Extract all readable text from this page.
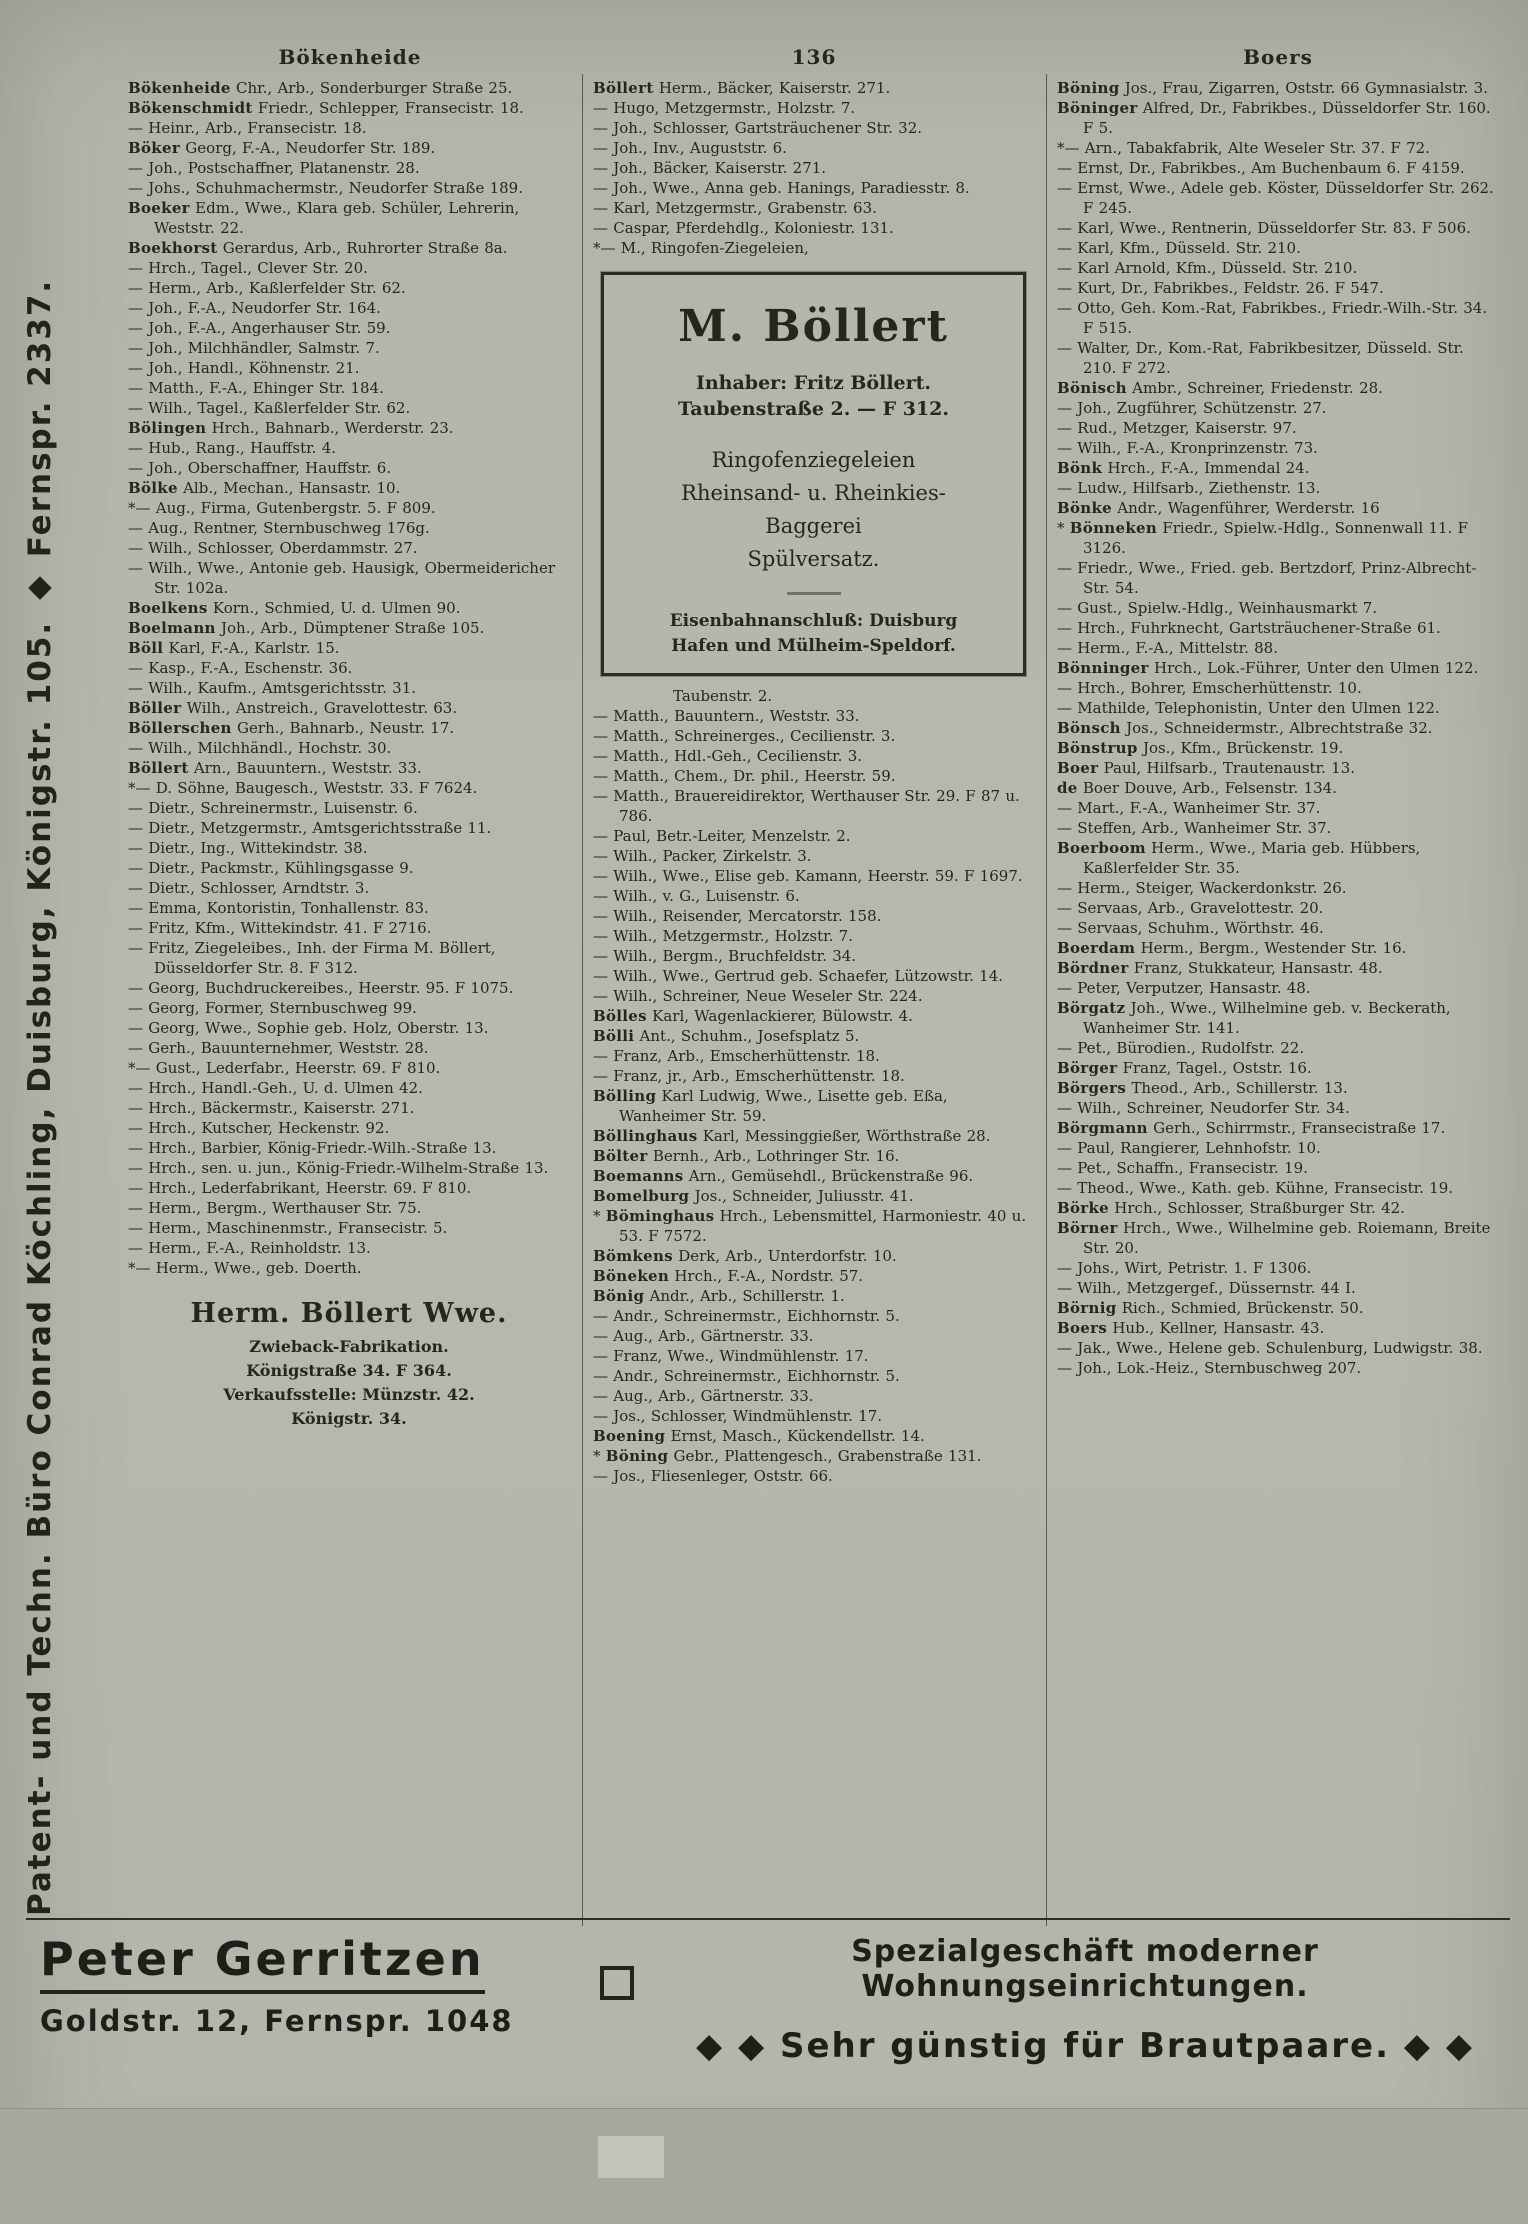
Patent- und Techn. Büro Conrad Köchling, Duisburg, Königstr. 105. ◆ Fernspr. 2337.
Bökenheide	136	Boers
Bökenheide Chr., Arb., Sonderburger Straße 25.
Bökenschmidt Friedr., Schlepper, Fransecistr. 18.
— Heinr., Arb., Fransecistr. 18.
Böker Georg, F.-A., Neudorfer Str. 189.
— Joh., Postschaffner, Platanenstr. 28.
— Johs., Schuhmachermstr., Neudorfer Straße 189.
Boeker Edm., Wwe., Klara geb. Schüler, Lehrerin, Weststr. 22.
Boekhorst Gerardus, Arb., Ruhrorter Straße 8a.
— Hrch., Tagel., Clever Str. 20.
— Herm., Arb., Kaßlerfelder Str. 62.
— Joh., F.-A., Neudorfer Str. 164.
— Joh., F.-A., Angerhauser Str. 59.
— Joh., Milchhändler, Salmstr. 7.
— Joh., Handl., Köhnenstr. 21.
— Matth., F.-A., Ehinger Str. 184.
— Wilh., Tagel., Kaßlerfelder Str. 62.
Bölingen Hrch., Bahnarb., Werderstr. 23.
— Hub., Rang., Hauffstr. 4.
— Joh., Oberschaffner, Hauffstr. 6.
Bölke Alb., Mechan., Hansastr. 10.
*— Aug., Firma, Gutenbergstr. 5. F 809.
— Aug., Rentner, Sternbuschweg 176g.
— Wilh., Schlosser, Oberdammstr. 27.
— Wilh., Wwe., Antonie geb. Hausigk, Obermeidericher Str. 102a.
Boelkens Korn., Schmied, U. d. Ulmen 90.
Boelmann Joh., Arb., Dümptener Straße 105.
Böll Karl, F.-A., Karlstr. 15.
— Kasp., F.-A., Eschenstr. 36.
— Wilh., Kaufm., Amtsgerichtsstr. 31.
Böller Wilh., Anstreich., Gravelottestr. 63.
Böllerschen Gerh., Bahnarb., Neustr. 17.
— Wilh., Milchhändl., Hochstr. 30.
Böllert Arn., Bauuntern., Weststr. 33.
*— D. Söhne, Baugesch., Weststr. 33. F 7624.
— Dietr., Schreinermstr., Luisenstr. 6.
— Dietr., Metzgermstr., Amtsgerichtsstraße 11.
— Dietr., Ing., Wittekindstr. 38.
— Dietr., Packmstr., Kühlingsgasse 9.
— Dietr., Schlosser, Arndtstr. 3.
— Emma, Kontoristin, Tonhallenstr. 83.
— Fritz, Kfm., Wittekindstr. 41. F 2716.
— Fritz, Ziegeleibes., Inh. der Firma M. Böllert, Düsseldorfer Str. 8. F 312.
— Georg, Buchdruckereibes., Heerstr. 95. F 1075.
— Georg, Former, Sternbuschweg 99.
— Georg, Wwe., Sophie geb. Holz, Oberstr. 13.
— Gerh., Bauunternehmer, Weststr. 28.
*— Gust., Lederfabr., Heerstr. 69. F 810.
— Hrch., Handl.-Geh., U. d. Ulmen 42.
— Hrch., Bäckermstr., Kaiserstr. 271.
— Hrch., Kutscher, Heckenstr. 92.
— Hrch., Barbier, König-Friedr.-Wilh.-Straße 13.
— Hrch., sen. u. jun., König-Friedr.-Wilhelm-Straße 13.
— Hrch., Lederfabrikant, Heerstr. 69. F 810.
— Herm., Bergm., Werthauser Str. 75.
— Herm., Maschinenmstr., Fransecistr. 5.
— Herm., F.-A., Reinholdstr. 13.
*— Herm., Wwe., geb. Doerth.
Herm. Böllert Wwe.
Zwieback-Fabrikation.
Königstraße 34. F 364.
Verkaufsstelle: Münzstr. 42.
Königstr. 34.
Böllert Herm., Bäcker, Kaiserstr. 271.
— Hugo, Metzgermstr., Holzstr. 7.
— Joh., Schlosser, Gartsträuchener Str. 32.
— Joh., Inv., Auguststr. 6.
— Joh., Bäcker, Kaiserstr. 271.
— Joh., Wwe., Anna geb. Hanings, Paradiesstr. 8.
— Karl, Metzgermstr., Grabenstr. 63.
— Caspar, Pferdehdlg., Koloniestr. 131.
*— M., Ringofen-Ziegeleien,
M. Böllert
Inhaber: Fritz Böllert.
Taubenstraße 2. — F 312.
Ringofenziegeleien
Rheinsand- u. Rheinkies-
Baggerei
Spülversatz.
Eisenbahnanschluß: Duisburg
Hafen und Mülheim-Speldorf.
Taubenstr. 2.
— Matth., Bauuntern., Weststr. 33.
— Matth., Schreinerges., Cecilienstr. 3.
— Matth., Hdl.-Geh., Cecilienstr. 3.
— Matth., Chem., Dr. phil., Heerstr. 59.
— Matth., Brauereidirektor, Werthauser Str. 29. F 87 u. 786.
— Paul, Betr.-Leiter, Menzelstr. 2.
— Wilh., Packer, Zirkelstr. 3.
— Wilh., Wwe., Elise geb. Kamann, Heerstr. 59. F 1697.
— Wilh., v. G., Luisenstr. 6.
— Wilh., Reisender, Mercatorstr. 158.
— Wilh., Metzgermstr., Holzstr. 7.
— Wilh., Bergm., Bruchfeldstr. 34.
— Wilh., Wwe., Gertrud geb. Schaefer, Lützowstr. 14.
— Wilh., Schreiner, Neue Weseler Str. 224.
Bölles Karl, Wagenlackierer, Bülowstr. 4.
Bölli Ant., Schuhm., Josefsplatz 5.
— Franz, Arb., Emscherhüttenstr. 18.
— Franz, jr., Arb., Emscherhüttenstr. 18.
Bölling Karl Ludwig, Wwe., Lisette geb. Eßa, Wanheimer Str. 59.
Böllinghaus Karl, Messinggießer, Wörthstraße 28.
Bölter Bernh., Arb., Lothringer Str. 16.
Boemanns Arn., Gemüsehdl., Brückenstraße 96.
Bomelburg Jos., Schneider, Juliusstr. 41.
* Böminghaus Hrch., Lebensmittel, Harmoniestr. 40 u. 53. F 7572.
Bömkens Derk, Arb., Unterdorfstr. 10.
Böneken Hrch., F.-A., Nordstr. 57.
Bönig Andr., Arb., Schillerstr. 1.
— Andr., Schreinermstr., Eichhornstr. 5.
— Aug., Arb., Gärtnerstr. 33.
— Franz, Wwe., Windmühlenstr. 17.
— Andr., Schreinermstr., Eichhornstr. 5.
— Aug., Arb., Gärtnerstr. 33.
— Jos., Schlosser, Windmühlenstr. 17.
Boening Ernst, Masch., Kückendellstr. 14.
* Böning Gebr., Plattengesch., Grabenstraße 131.
— Jos., Fliesenleger, Oststr. 66.
Böning Jos., Frau, Zigarren, Oststr. 66 Gymnasialstr. 3.
Böninger Alfred, Dr., Fabrikbes., Düsseldorfer Str. 160. F 5.
*— Arn., Tabakfabrik, Alte Weseler Str. 37. F 72.
— Ernst, Dr., Fabrikbes., Am Buchenbaum 6. F 4159.
— Ernst, Wwe., Adele geb. Köster, Düsseldorfer Str. 262. F 245.
— Karl, Wwe., Rentnerin, Düsseldorfer Str. 83. F 506.
— Karl, Kfm., Düsseld. Str. 210.
— Karl Arnold, Kfm., Düsseld. Str. 210.
— Kurt, Dr., Fabrikbes., Feldstr. 26. F 547.
— Otto, Geh. Kom.-Rat, Fabrikbes., Friedr.-Wilh.-Str. 34. F 515.
— Walter, Dr., Kom.-Rat, Fabrikbesitzer, Düsseld. Str. 210. F 272.
Bönisch Ambr., Schreiner, Friedenstr. 28.
— Joh., Zugführer, Schützenstr. 27.
— Rud., Metzger, Kaiserstr. 97.
— Wilh., F.-A., Kronprinzenstr. 73.
Bönk Hrch., F.-A., Immendal 24.
— Ludw., Hilfsarb., Ziethenstr. 13.
Bönke Andr., Wagenführer, Werderstr. 16
* Bönneken Friedr., Spielw.-Hdlg., Sonnenwall 11. F 3126.
— Friedr., Wwe., Fried. geb. Bertzdorf, Prinz-Albrecht-Str. 54.
— Gust., Spielw.-Hdlg., Weinhausmarkt 7.
— Hrch., Fuhrknecht, Gartsträuchener-Straße 61.
— Herm., F.-A., Mittelstr. 88.
Bönninger Hrch., Lok.-Führer, Unter den Ulmen 122.
— Hrch., Bohrer, Emscherhüttenstr. 10.
— Mathilde, Telephonistin, Unter den Ulmen 122.
Bönsch Jos., Schneidermstr., Albrechtstraße 32.
Bönstrup Jos., Kfm., Brückenstr. 19.
Boer Paul, Hilfsarb., Trautenaustr. 13.
de Boer Douve, Arb., Felsenstr. 134.
— Mart., F.-A., Wanheimer Str. 37.
— Steffen, Arb., Wanheimer Str. 37.
Boerboom Herm., Wwe., Maria geb. Hübbers, Kaßlerfelder Str. 35.
— Herm., Steiger, Wackerdonkstr. 26.
— Servaas, Arb., Gravelottestr. 20.
— Servaas, Schuhm., Wörthstr. 46.
Boerdam Herm., Bergm., Westender Str. 16.
Bördner Franz, Stukkateur, Hansastr. 48.
— Peter, Verputzer, Hansastr. 48.
Börgatz Joh., Wwe., Wilhelmine geb. v. Beckerath, Wanheimer Str. 141.
— Pet., Bürodien., Rudolfstr. 22.
Börger Franz, Tagel., Oststr. 16.
Börgers Theod., Arb., Schillerstr. 13.
— Wilh., Schreiner, Neudorfer Str. 34.
Börgmann Gerh., Schirrmstr., Fransecistraße 17.
— Paul, Rangierer, Lehnhofstr. 10.
— Pet., Schaffn., Fransecistr. 19.
— Theod., Wwe., Kath. geb. Kühne, Fransecistr. 19.
Börke Hrch., Schlosser, Straßburger Str. 42.
Börner Hrch., Wwe., Wilhelmine geb. Roiemann, Breite Str. 20.
— Johs., Wirt, Petristr. 1. F 1306.
— Wilh., Metzgergef., Düssernstr. 44 I.
Börnig Rich., Schmied, Brückenstr. 50.
Boers Hub., Kellner, Hansastr. 43.
— Jak., Wwe., Helene geb. Schulenburg, Ludwigstr. 38.
— Joh., Lok.-Heiz., Sternbuschweg 207.
Peter Gerritzen
Goldstr. 12, Fernspr. 1048
Spezialgeschäft moderner Wohnungseinrichtungen.
◆ ◆ Sehr günstig für Brautpaare. ◆ ◆
